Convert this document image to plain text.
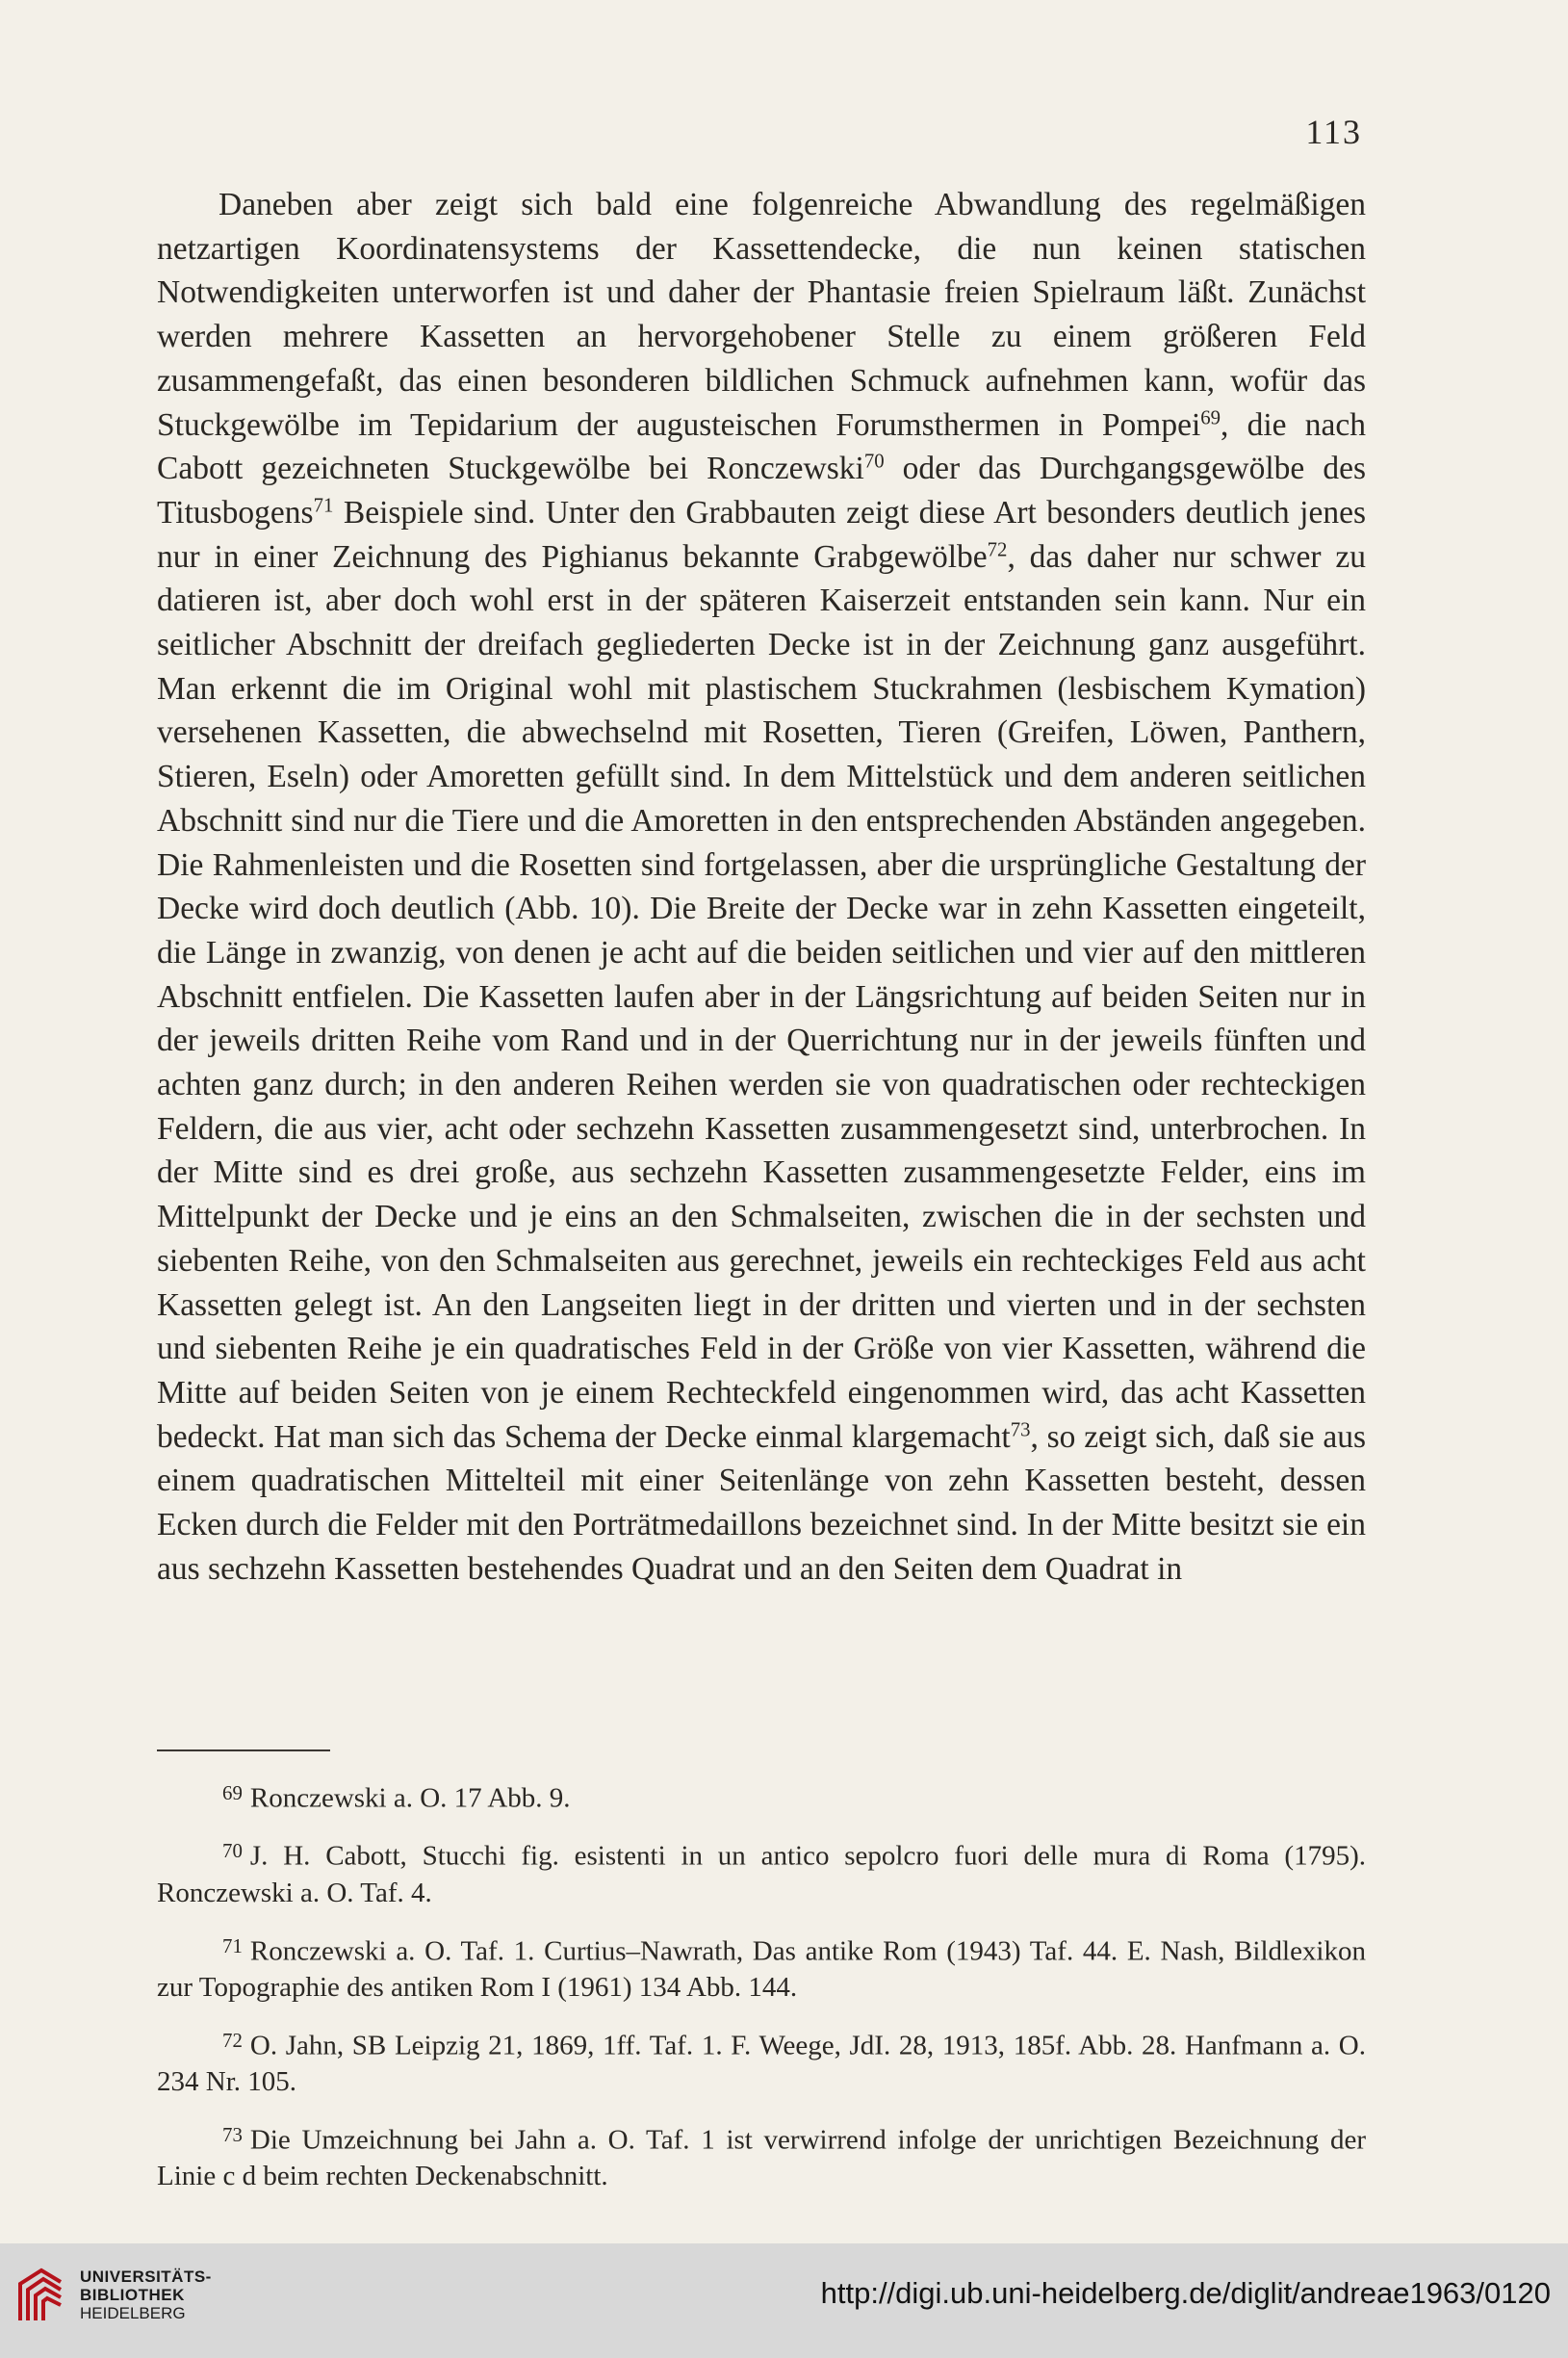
113

Daneben aber zeigt sich bald eine folgenreiche Abwandlung des regelmäßigen netzartigen Koordinatensystems der Kassettendecke, die nun keinen statischen Notwendigkeiten unterworfen ist und daher der Phantasie freien Spielraum läßt. Zunächst werden mehrere Kassetten an hervorgehobener Stelle zu einem größeren Feld zusammengefaßt, das einen besonderen bildlichen Schmuck aufnehmen kann, wofür das Stuckgewölbe im Tepidarium der augusteischen Forumsthermen in Pompei$^{69}$, die nach Cabott gezeichneten Stuckgewölbe bei Ronczewski$^{70}$ oder das Durchgangsgewölbe des Titusbogens$^{71}$ Beispiele sind. Unter den Grabbauten zeigt diese Art besonders deutlich jenes nur in einer Zeichnung des Pighianus bekannte Grabgewölbe$^{72}$, das daher nur schwer zu datieren ist, aber doch wohl erst in der späteren Kaiserzeit entstanden sein kann. Nur ein seitlicher Abschnitt der dreifach gegliederten Decke ist in der Zeichnung ganz ausgeführt. Man erkennt die im Original wohl mit plastischem Stuckrahmen (lesbischem Kymation) versehenen Kassetten, die abwechselnd mit Rosetten, Tieren (Greifen, Löwen, Panthern, Stieren, Eseln) oder Amoretten gefüllt sind. In dem Mittelstück und dem anderen seitlichen Abschnitt sind nur die Tiere und die Amoretten in den entsprechenden Abständen angegeben. Die Rahmenleisten und die Rosetten sind fortgelassen, aber die ursprüngliche Gestaltung der Decke wird doch deutlich (Abb. 10). Die Breite der Decke war in zehn Kassetten eingeteilt, die Länge in zwanzig, von denen je acht auf die beiden seitlichen und vier auf den mittleren Abschnitt entfielen. Die Kassetten laufen aber in der Längsrichtung auf beiden Seiten nur in der jeweils dritten Reihe vom Rand und in der Querrichtung nur in der jeweils fünften und achten ganz durch; in den anderen Reihen werden sie von quadratischen oder rechteckigen Feldern, die aus vier, acht oder sechzehn Kassetten zusammengesetzt sind, unterbrochen. In der Mitte sind es drei große, aus sechzehn Kassetten zusammengesetzte Felder, eins im Mittelpunkt der Decke und je eins an den Schmalseiten, zwischen die in der sechsten und siebenten Reihe, von den Schmalseiten aus gerechnet, jeweils ein rechteckiges Feld aus acht Kassetten gelegt ist. An den Langseiten liegt in der dritten und vierten und in der sechsten und siebenten Reihe je ein quadratisches Feld in der Größe von vier Kassetten, während die Mitte auf beiden Seiten von je einem Rechteckfeld eingenommen wird, das acht Kassetten bedeckt. Hat man sich das Schema der Decke einmal klargemacht$^{73}$, so zeigt sich, daß sie aus einem quadratischen Mittelteil mit einer Seitenlänge von zehn Kassetten besteht, dessen Ecken durch die Felder mit den Porträtmedaillons bezeichnet sind. In der Mitte besitzt sie ein aus sechzehn Kassetten bestehendes Quadrat und an den Seiten dem Quadrat in

$^{69}$ Ronczewski a. O. 17 Abb. 9.

$^{70}$ J. H. Cabott, Stucchi fig. esistenti in un antico sepolcro fuori delle mura di Roma (1795). Ronczewski a. O. Taf. 4.

$^{71}$ Ronczewski a. O. Taf. 1. Curtius–Nawrath, Das antike Rom (1943) Taf. 44. E. Nash, Bildlexikon zur Topographie des antiken Rom I (1961) 134 Abb. 144.

$^{72}$ O. Jahn, SB Leipzig 21, 1869, 1ff. Taf. 1. F. Weege, JdI. 28, 1913, 185f. Abb. 28. Hanfmann a. O. 234 Nr. 105.

$^{73}$ Die Umzeichnung bei Jahn a. O. Taf. 1 ist verwirrend infolge der unrichtigen Bezeichnung der Linie c d beim rechten Deckenabschnitt.

UNIVERSITÄTS-
BIBLIOTHEK
HEIDELBERG
http://digi.ub.uni-heidelberg.de/diglit/andreae1963/0120
